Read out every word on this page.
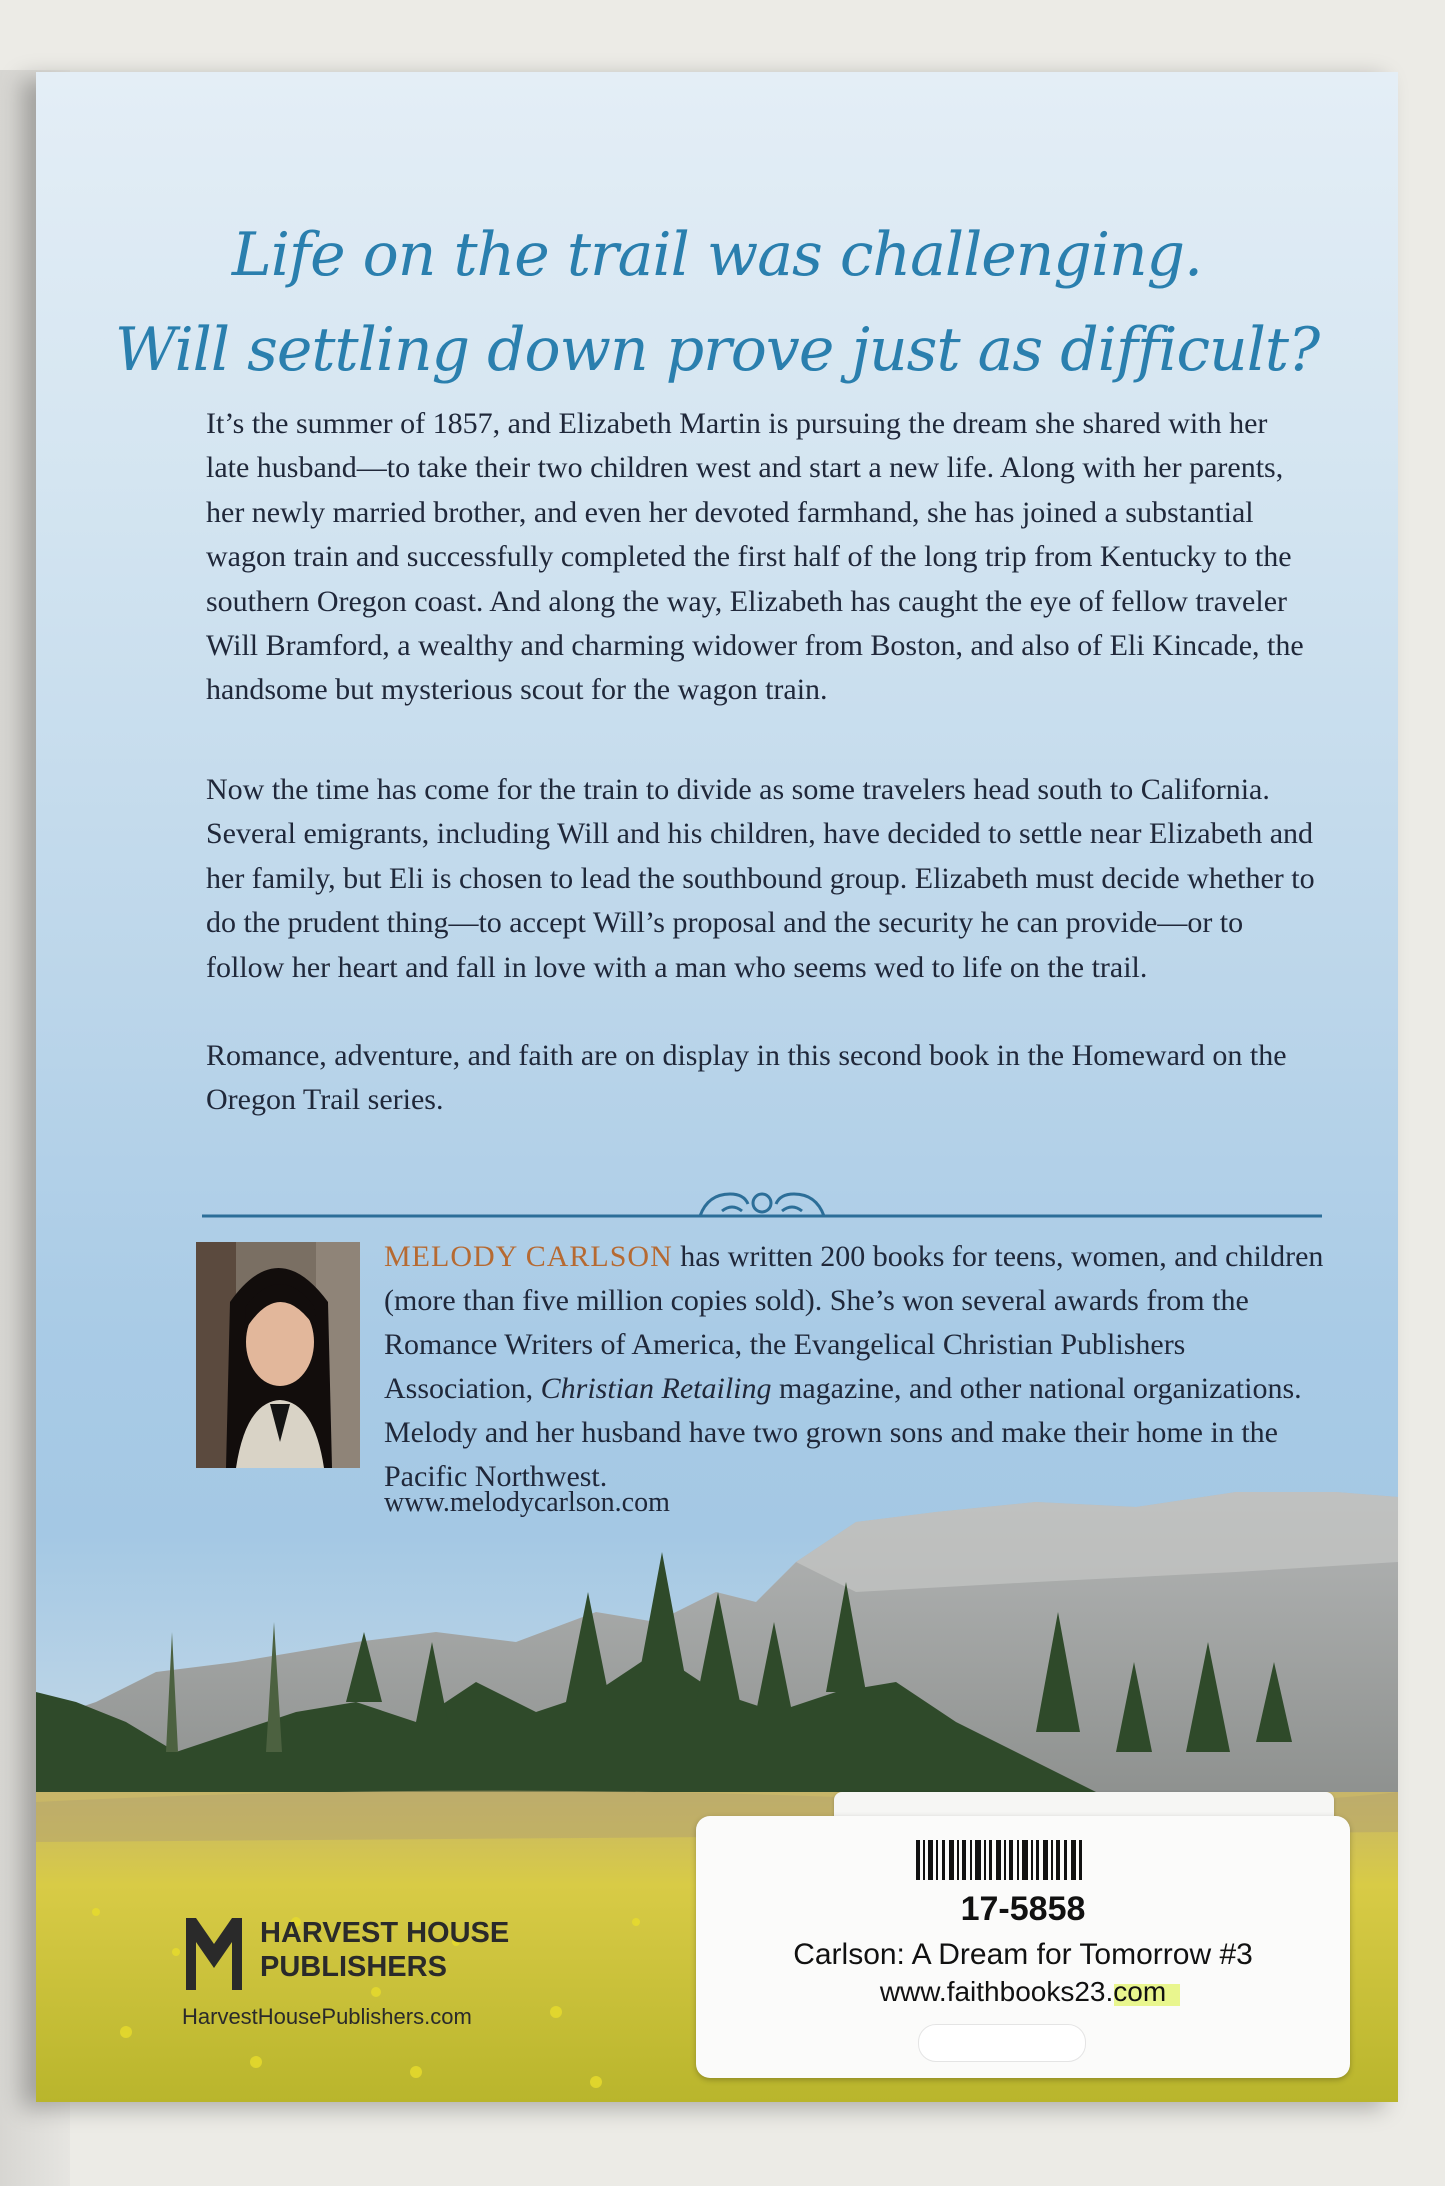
Life on the trail was challenging.
Will settling down prove just as difficult?
It’s the summer of 1857, and Elizabeth Martin is pursuing the dream she shared with her late husband—to take their two children west and start a new life. Along with her parents, her newly married brother, and even her devoted farmhand, she has joined a substantial wagon train and successfully completed the first half of the long trip from Kentucky to the southern Oregon coast. And along the way, Elizabeth has caught the eye of fellow traveler Will Bramford, a wealthy and charming widower from Boston, and also of Eli Kincade, the handsome but mysterious scout for the wagon train.
Now the time has come for the train to divide as some travelers head south to California. Several emigrants, including Will and his children, have decided to settle near Elizabeth and her family, but Eli is chosen to lead the southbound group. Elizabeth must decide whether to do the prudent thing—to accept Will’s proposal and the security he can provide—or to follow her heart and fall in love with a man who seems wed to life on the trail.
Romance, adventure, and faith are on display in this second book in the Homeward on the Oregon Trail series.
MELODY CARLSON has written 200 books for teens, women, and children (more than five million copies sold). She’s won several awards from the Romance Writers of America, the Evangelical Christian Publishers Association, Christian Retailing magazine, and other national organizations. Melody and her husband have two grown sons and make their home in the Pacific Northwest.
www.melodycarlson.com
HARVEST HOUSE
PUBLISHERS
HarvestHousePublishers.com
17-5858
Carlson: A Dream for Tomorrow #3
www.faithbooks23.com
